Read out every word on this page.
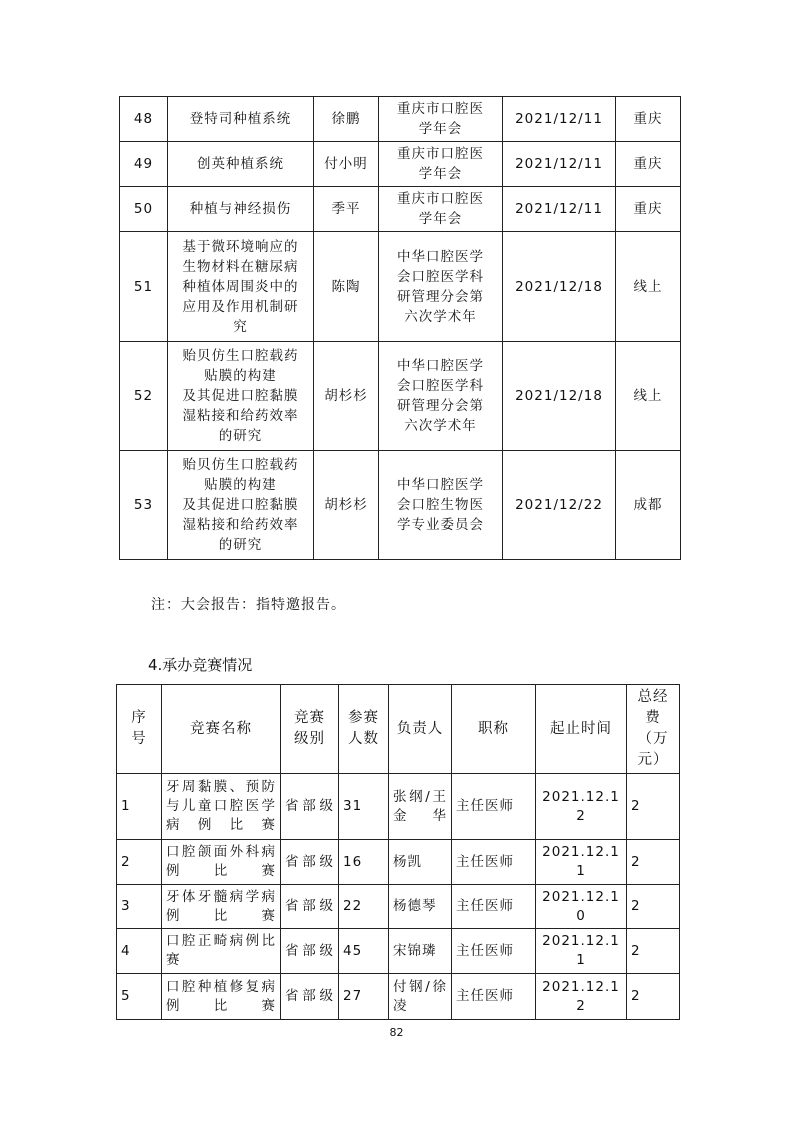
48	登特司种植系统	徐鹏	重庆市口腔医
学年会	2021/12/11	重庆
49	创英种植系统	付小明	重庆市口腔医
学年会	2021/12/11	重庆
50	种植与神经损伤	季平	重庆市口腔医
学年会	2021/12/11	重庆
51	基于微环境响应的
生物材料在糖尿病
种植体周围炎中的
应用及作用机制研
究	陈陶	中华口腔医学
会口腔医学科
研管理分会第
六次学术年	2021/12/18	线上
52	贻贝仿生口腔载药
贴膜的构建
及其促进口腔黏膜
湿粘接和给药效率
的研究	胡杉杉	中华口腔医学
会口腔医学科
研管理分会第
六次学术年	2021/12/18	线上
53	贻贝仿生口腔载药
贴膜的构建
及其促进口腔黏膜
湿粘接和给药效率
的研究	胡杉杉	中华口腔医学
会口腔生物医
学专业委员会	2021/12/22	成都
注：大会报告：指特邀报告。
4.承办竞赛情况
序
号	竞赛名称	竞赛
级别	参赛
人数	负责人	职称	起止时间	总经
费
（万
元）
1	牙周黏膜、预防与儿童口腔医学病例比赛	省部级	31	张纲/王金华	主任医师	2021.12.12	2
2	口腔颌面外科病例比赛	省部级	16	杨凯	主任医师	2021.12.11	2
3	牙体牙髓病学病例比赛	省部级	22	杨德琴	主任医师	2021.12.10	2
4	口腔正畸病例比赛	省部级	45	宋锦璘	主任医师	2021.12.11	2
5	口腔种植修复病例比赛	省部级	27	付钢/徐凌	主任医师	2021.12.12	2
82
